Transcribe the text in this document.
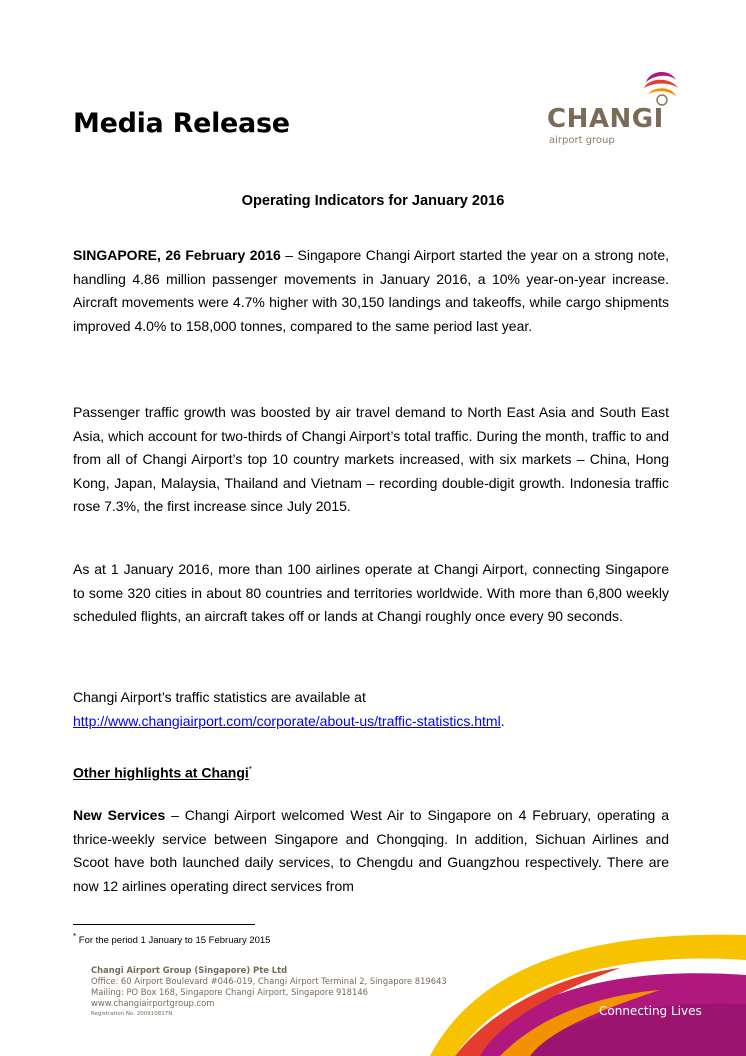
Media Release	CHANGI
airport group
Operating Indicators for January 2016

SINGAPORE, 26 February 2016 – Singapore Changi Airport started the year on a strong note, handling 4.86 million passenger movements in January 2016, a 10% year-on-year increase. Aircraft movements were 4.7% higher with 30,150 landings and takeoffs, while cargo shipments improved 4.0% to 158,000 tonnes, compared to the same period last year.

Passenger traffic growth was boosted by air travel demand to North East Asia and South East Asia, which account for two-thirds of Changi Airport’s total traffic. During the month, traffic to and from all of Changi Airport’s top 10 country markets increased, with six markets – China, Hong Kong, Japan, Malaysia, Thailand and Vietnam – recording double-digit growth. Indonesia traffic rose 7.3%, the first increase since July 2015.

As at 1 January 2016, more than 100 airlines operate at Changi Airport, connecting Singapore to some 320 cities in about 80 countries and territories worldwide. With more than 6,800 weekly scheduled flights, an aircraft takes off or lands at Changi roughly once every 90 seconds.

Changi Airport’s traffic statistics are available at
http://www.changiairport.com/corporate/about-us/traffic-statistics.html.

Other highlights at Changi*

New Services – Changi Airport welcomed West Air to Singapore on 4 February, operating a thrice-weekly service between Singapore and Chongqing. In addition, Sichuan Airlines and Scoot have both launched daily services, to Chengdu and Guangzhou respectively. There are now 12 airlines operating direct services from

* For the period 1 January to 15 February 2015
Connecting Lives
Changi Airport Group (Singapore) Pte Ltd
Office: 60 Airport Boulevard #046-019, Changi Airport Terminal 2, Singapore 819643
Mailing: PO Box 168, Singapore Changi Airport, Singapore 918146
www.changiairportgroup.com
Registration No. 200910817N
